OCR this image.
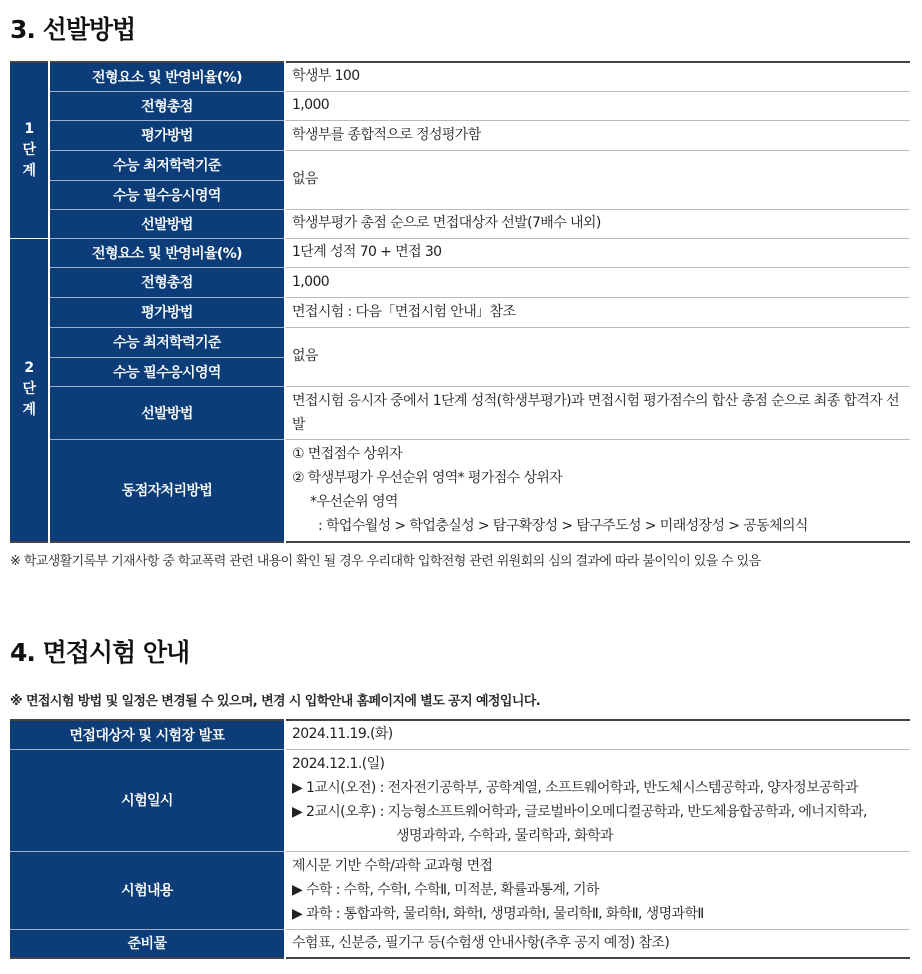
3. 선발방법
1
단
계	전형요소 및 반영비율(%)	학생부 100
	전형총점	1,000
	평가방법	학생부를 종합적으로 정성평가함
	수능 최저학력기준	없음
	수능 필수응시영역	
	선발방법	학생부평가 총점 순으로 면접대상자 선발(7배수 내외)

2
단
계	전형요소 및 반영비율(%)	1단계 성적 70 + 면접 30
	전형총점	1,000
	평가방법	면접시험 : 다음「면접시험 안내」참조
	수능 최저학력기준	없음
	수능 필수응시영역	
	선발방법	면접시험 응시자 중에서 1단계 성적(학생부평가)과 면접시험 평가점수의 합산 총점 순으로 최종 합격자 선발
	동점자처리방법	① 면접점수 상위자
② 학생부평가 우선순위 영역* 평가점수 상위자
*우선순위 영역
: 학업수월성 > 학업충실성 > 탐구확장성 > 탐구주도성 > 미래성장성 > 공동체의식
※ 학교생활기록부 기재사항 중 학교폭력 관련 내용이 확인 될 경우 우리대학 입학전형 관련 위원회의 심의 결과에 따라 불이익이 있을 수 있음
4. 면접시험 안내
※ 면접시험 방법 및 일정은 변경될 수 있으며, 변경 시 입학안내 홈페이지에 별도 공지 예정입니다.
면접대상자 및 시험장 발표	2024.11.19.(화)
시험일시	2024.12.1.(일)
▶ 1교시(오전) : 전자전기공학부, 공학계열, 소프트웨어학과, 반도체시스템공학과, 양자정보공학과
▶ 2교시(오후) : 지능형소프트웨어학과, 글로벌바이오메디컬공학과, 반도체융합공학과, 에너지학과,
생명과학과, 수학과, 물리학과, 화학과

시험내용	제시문 기반 수학/과학 교과형 면접
▶ 수학 : 수학, 수학Ⅰ, 수학Ⅱ, 미적분, 확률과통계, 기하
▶ 과학 : 통합과학, 물리학Ⅰ, 화학Ⅰ, 생명과학Ⅰ, 물리학Ⅱ, 화학Ⅱ, 생명과학Ⅱ

준비물	수험표, 신분증, 필기구 등(수험생 안내사항(추후 공지 예정) 참조)
